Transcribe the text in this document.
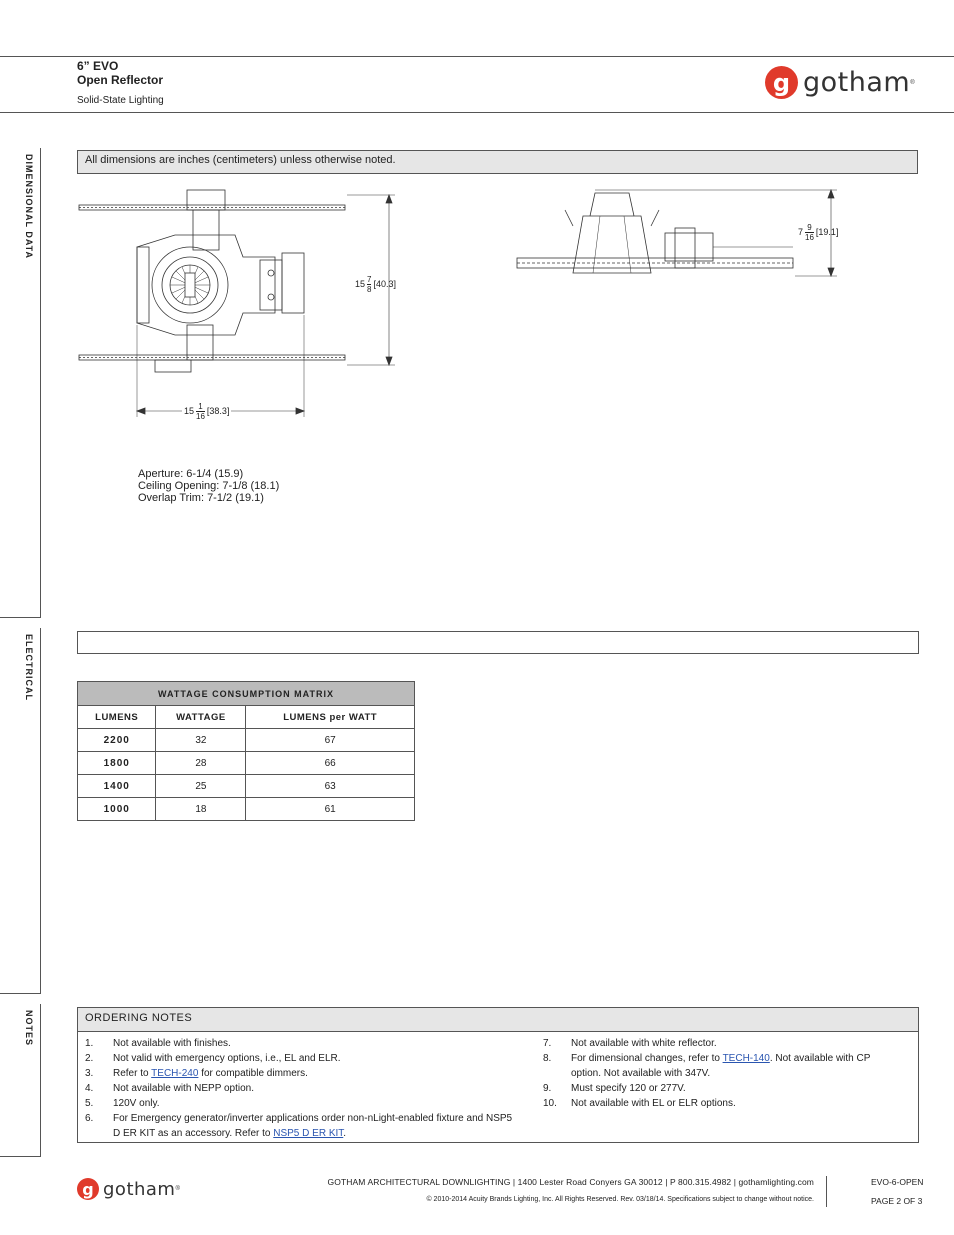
6” EVO
Open Reflector
Solid-State Lighting
g gotham ®
DIMENSIONAL DATA
ELECTRICAL
NOTES
All dimensions are inches (centimeters) unless otherwise noted.
$15 \frac{7}{8} [40.3]$
$15 \frac{1}{16} [38.3]$
$7 \frac{9}{16} [19.1]$
Aperture: 6-1/4 (15.9)
Ceiling Opening: 7-1/8 (18.1)
Overlap Trim: 7-1/2 (19.1)
WATTAGE CONSUMPTION MATRIX		
LUMENS	WATTAGE	LUMENS per WATT
2200	32	67
1800	28	66
1400	25	63
1000	18	61
ORDERING NOTES
1.	Not available with finishes.
2.	Not valid with emergency options, i.e., EL and ELR.
3.	Refer to TECH-240 for compatible dimmers.
4.	Not available with NEPP option.
5.	120V only.
6.	For Emergency generator/inverter applications order non-nLight-enabled fixture and NSP5 D ER KIT as an accessory. Refer to NSP5 D ER KIT.
7.	Not available with white reflector.
8.	For dimensional changes, refer to TECH-140. Not available with CP option. Not available with 347V.
9.	Must specify 120 or 277V.
10.	Not available with EL or ELR options.
g gotham ®
GOTHAM ARCHITECTURAL DOWNLIGHTING | 1400 Lester Road Conyers GA 30012 | P 800.315.4982 | gothamlighting.com
© 2010-2014 Acuity Brands Lighting, Inc. All Rights Reserved. Rev. 03/18/14. Specifications subject to change without notice.
EVO-6-OPEN
PAGE 2 OF 3
